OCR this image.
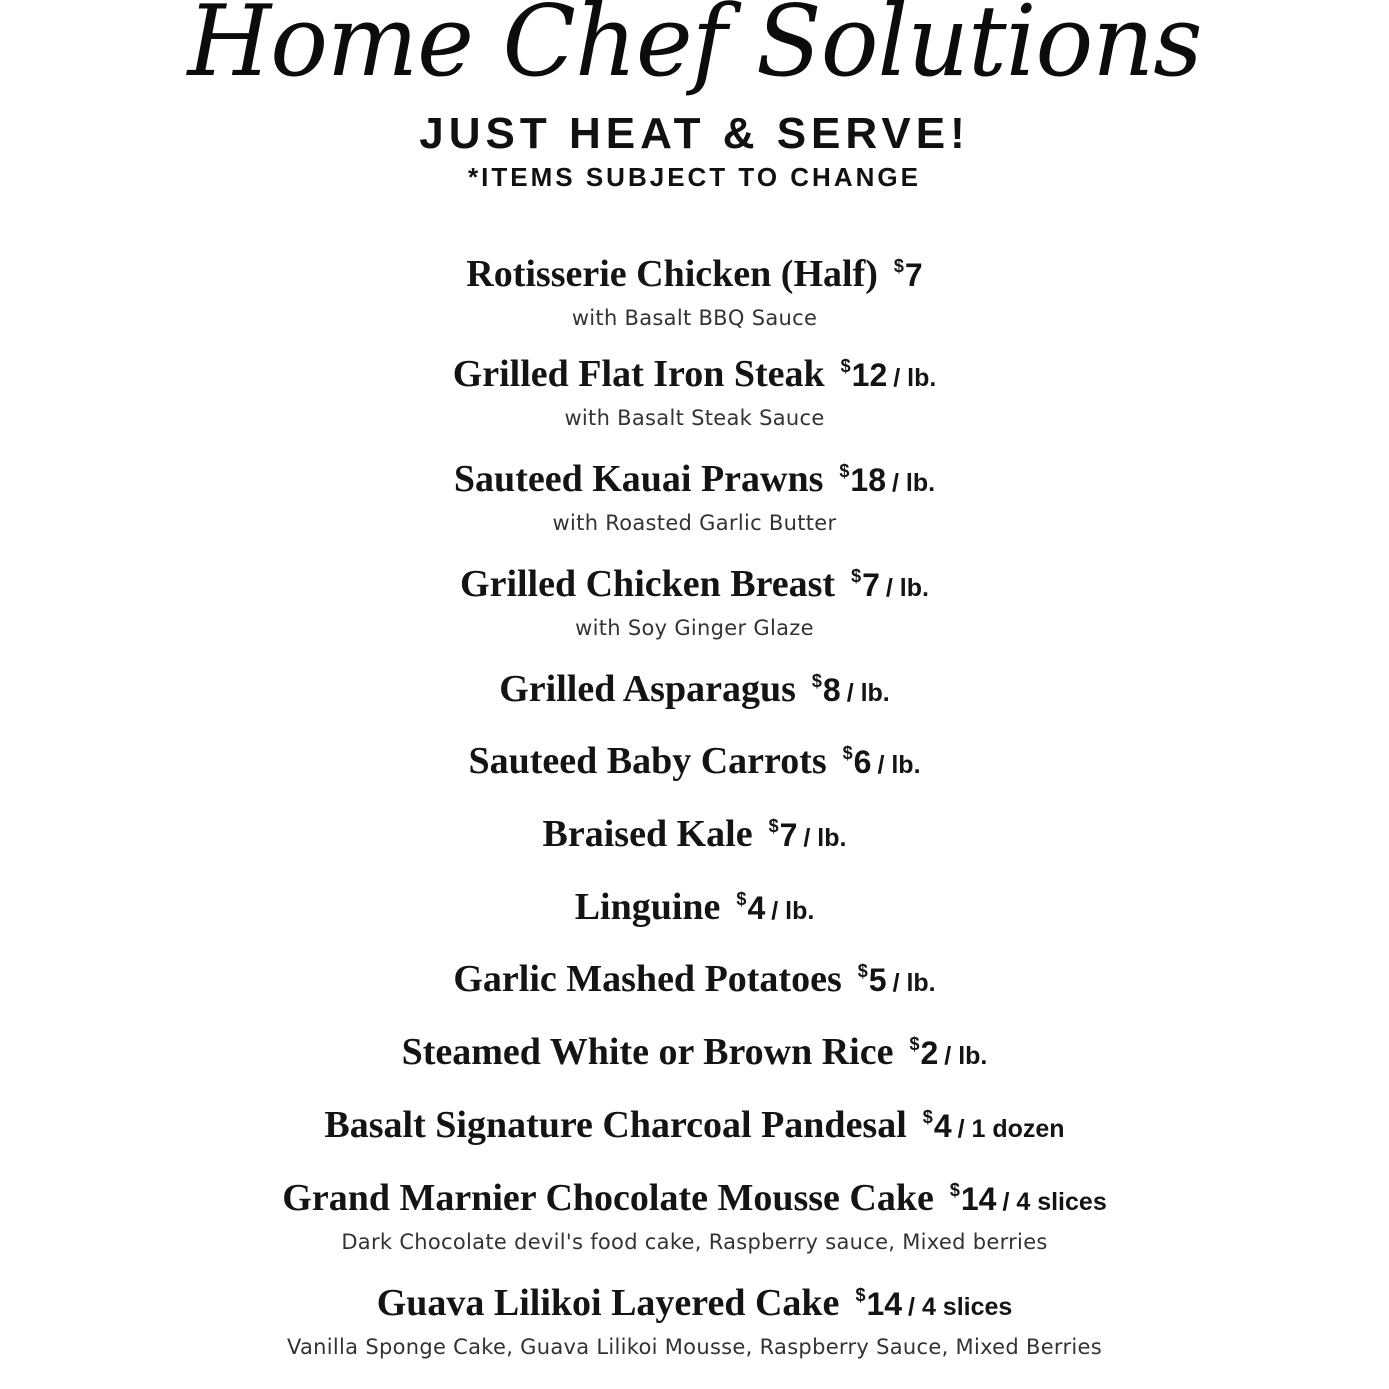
Home Chef Solutions
JUST HEAT & SERVE!
*ITEMS SUBJECT TO CHANGE
Rotisserie Chicken (Half) $7
with Basalt BBQ Sauce
Grilled Flat Iron Steak $12 / lb.
with Basalt Steak Sauce
Sauteed Kauai Prawns $18 / lb.
with Roasted Garlic Butter
Grilled Chicken Breast $7 / lb.
with Soy Ginger Glaze
Grilled Asparagus $8 / lb.
Sauteed Baby Carrots $6 / lb.
Braised Kale $7 / lb.
Linguine $4 / lb.
Garlic Mashed Potatoes $5 / lb.
Steamed White or Brown Rice $2 / lb.
Basalt Signature Charcoal Pandesal $4 / 1 dozen
Grand Marnier Chocolate Mousse Cake $14 / 4 slices
Dark Chocolate devil's food cake, Raspberry sauce, Mixed berries
Guava Lilikoi Layered Cake $14 / 4 slices
Vanilla Sponge Cake, Guava Lilikoi Mousse, Raspberry Sauce, Mixed Berries
